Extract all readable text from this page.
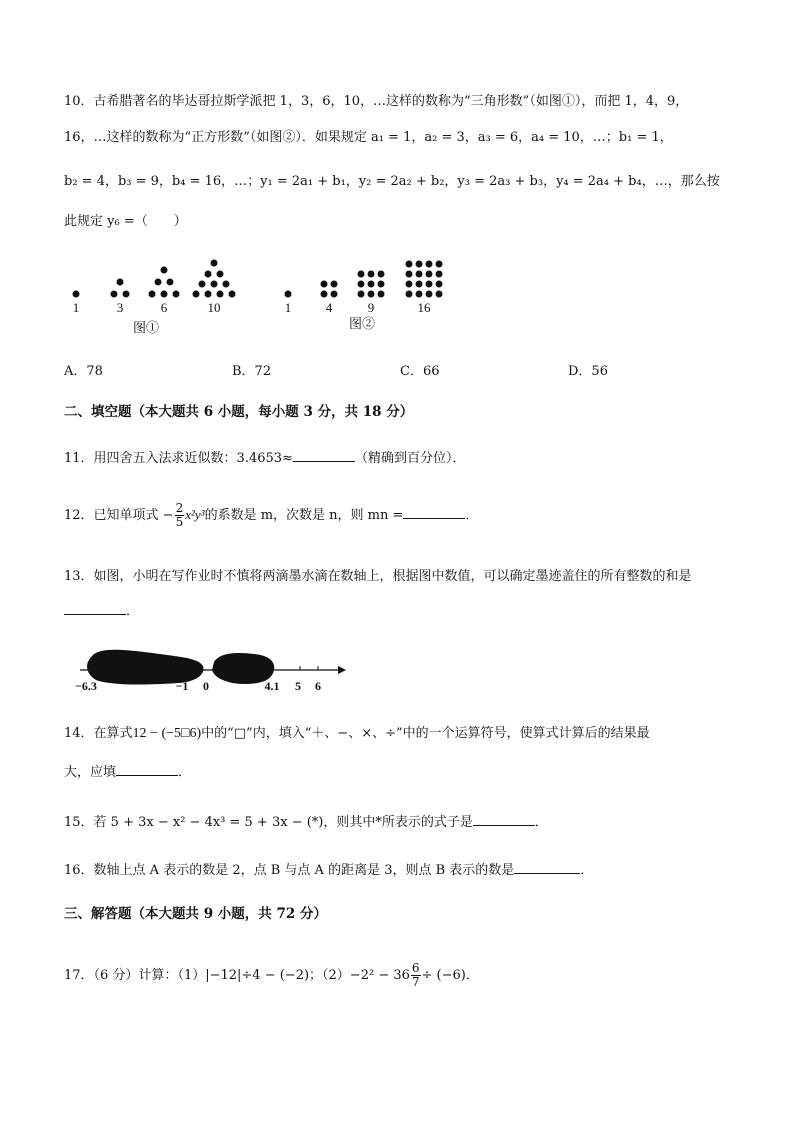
10．古希腊著名的毕达哥拉斯学派把 1，3，6，10，…这样的数称为“三角形数”（如图①），而把 1，4，9，
16，…这样的数称为“正方形数”（如图②）．如果规定 a₁ = 1，a₂ = 3，a₃ = 6，a₄ = 10，…；b₁ = 1，
b₂ = 4，b₃ = 9，b₄ = 16，…；y₁ = 2a₁ + b₁，y₂ = 2a₂ + b₂，y₃ = 2a₃ + b₃，y₄ = 2a₄ + b₄，…，那么按
此规定 y₆ =（　　）
1	3	6	10	1	4	9	16
图①	图②
A．78	B．72	C．66	D．56
二、填空题（本大题共 6 小题，每小题 3 分，共 18 分）
11．用四舍五入法求近似数：3.4653≈	（精确到百分位）．
12．已知单项式 − $\frac{2}{5} x^2y^3$的系数是 m，次数是 n，则 mn =	．
13．如图，小明在写作业时不慎将两滴墨水滴在数轴上，根据图中数值，可以确定墨迹盖住的所有整数的和是
．
−6.3	−1 0	4.1 5 6
14．在算式12 − (−5□6)中的“□”内，填入“＋、−、×、÷”中的一个运算符号，使算式计算后的结果最
大，应填	．
15．若 5 + 3x − x² − 4x³ = 5 + 3x − (*)，则其中*所表示的式子是	．
16．数轴上点 A 表示的数是 2，点 B 与点 A 的距离是 3，则点 B 表示的数是	．
三、解答题（本大题共 9 小题，共 72 分）
17．（6 分）计算：（1）|−12|÷4 − (−2)；$(2)-2^2 - 36 \frac{6}{7} \div (-6)$．
